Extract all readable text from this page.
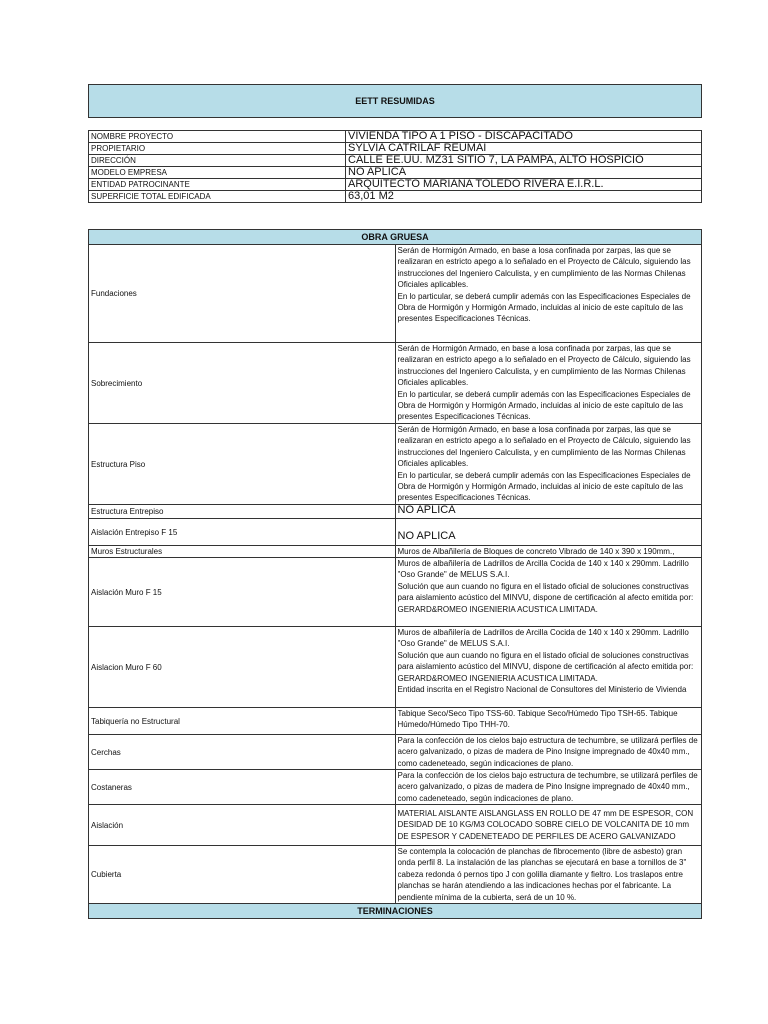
EETT RESUMIDAS
NOΜBRE PROYECTO	VIVIENDA TIPO A 1 PISO - DISCAPACITADO
PROPIETARIO	SYLVIA CATRILAF REUΜAI
DIRECCIÓN	CALLE EE.UU. ΜZ31 SITIO 7, LA PAΜPA, ALTO HOSPICIO
ΜODELO EΜPRESA	NO APLICA
ENTIDAD PATROCINANTE	ARQUITECTO ΜARIANA TOLEDO RIVERA E.I.R.L.
SUPERFICIE TOTAL EDIFICADA	63,01 Μ2
OBRA GRUESA	
Fundaciones	Serán de Hormigón Armado, en base a losa confinada por zarpas, las que se realizaran en estricto apego a lo señalado en el Proyecto de Cálculo, siguiendo las instrucciones del Ingeniero Calculista, y en cumplimiento de las Normas Chilenas Oficiales aplicables.
En lo particular, se deberá cumplir además con las Especificaciones Especiales de Obra de Hormigón y Hormigón Armado, incluidas al inicio de este capítulo de las presentes Especificaciones Técnicas.

Sobrecimiento	Serán de Hormigón Armado, en base a losa confinada por zarpas, las que se realizaran en estricto apego a lo señalado en el Proyecto de Cálculo, siguiendo las instrucciones del Ingeniero Calculista, y en cumplimiento de las Normas Chilenas Oficiales aplicables.
En lo particular, se deberá cumplir además con las Especificaciones Especiales de Obra de Hormigón y Hormigón Armado, incluidas al inicio de este capítulo de las presentes Especificaciones Técnicas.

Estructura Piso	Serán de Hormigón Armado, en base a losa confinada por zarpas, las que se realizaran en estricto apego a lo señalado en el Proyecto de Cálculo, siguiendo las instrucciones del Ingeniero Calculista, y en cumplimiento de las Normas Chilenas Oficiales aplicables.
En lo particular, se deberá cumplir además con las Especificaciones Especiales de Obra de Hormigón y Hormigón Armado, incluidas al inicio de este capítulo de las presentes Especificaciones Técnicas.

Estructura Entrepiso	NO APLICA

Aislación Entrepiso F 15	NO APLICA

Μuros Estructurales	Μuros de Albañilería de Bloques de concreto Vibrado de 140 x 390 x 190mm.,

Aislación Μuro F 15	Μuros de albañilería de Ladrillos de Arcilla Cocida de 140 x 140 x 290mm. Ladrillo "Oso Grande" de ΜELUS S.A.I.
Solución que aun cuando no figura en el listado oficial de soluciones constructivas para aislamiento acústico del ΜINVU, dispone de certificación al afecto emitida por:
GERARD&ROΜEO INGENIERIA ACUSTICA LIΜITADA.

Aislacion Μuro F 60	Μuros de albañilería de Ladrillos de Arcilla Cocida de 140 x 140 x 290mm. Ladrillo "Oso Grande" de ΜELUS S.A.I.
Solución que aun cuando no figura en el listado oficial de soluciones constructivas para aislamiento acústico del ΜINVU, dispone de certificación al afecto emitida por:
GERARD&ROΜEO INGENIERIA ACUSTICA LIΜITADA.
Entidad inscrita en el Registro Nacional de Consultores del Μinisterio de Vivienda

Tabiquería no Estructural	Tabique Seco/Seco Tipo TSS-60. Tabique Seco/Húmedo Tipo TSH-65. Tabique Húmedo/Húmedo Tipo THH-70.

Cerchas	Para la confección de los cielos bajo estructura de techumbre, se utilizará perfiles de acero galvanizado, o pizas de madera de Pino Insigne impregnado de 40x40 mm., como cadeneteado, según indicaciones de plano.

Costaneras	Para la confección de los cielos bajo estructura de techumbre, se utilizará perfiles de acero galvanizado, o pizas de madera de Pino Insigne impregnado de 40x40 mm., como cadeneteado, según indicaciones de plano.

Aislación	ΜATERIAL AISLANTE AISLANGLASS EN ROLLO DE 47 mm DE ESPESOR, CON DESIDAD DE 10 KG/Μ3 COLOCADO SOBRE CIELO DE VOLCANITA DE 10 mm DE ESPESOR Y CADENETEADO DE PERFILES DE ACERO GALVANIZADO

Cubierta	Se contempla la colocación de planchas de fibrocemento (libre de asbesto) gran onda perfil 8. La instalación de las planchas se ejecutará en base a tornillos de 3" cabeza redonda ó pernos tipo J con golilla diamante y fieltro. Los traslapos entre planchas se harán atendiendo a las indicaciones hechas por el fabricante. La pendiente mínima de la cubierta, será de un 10 %.

TERMINACIONES	
